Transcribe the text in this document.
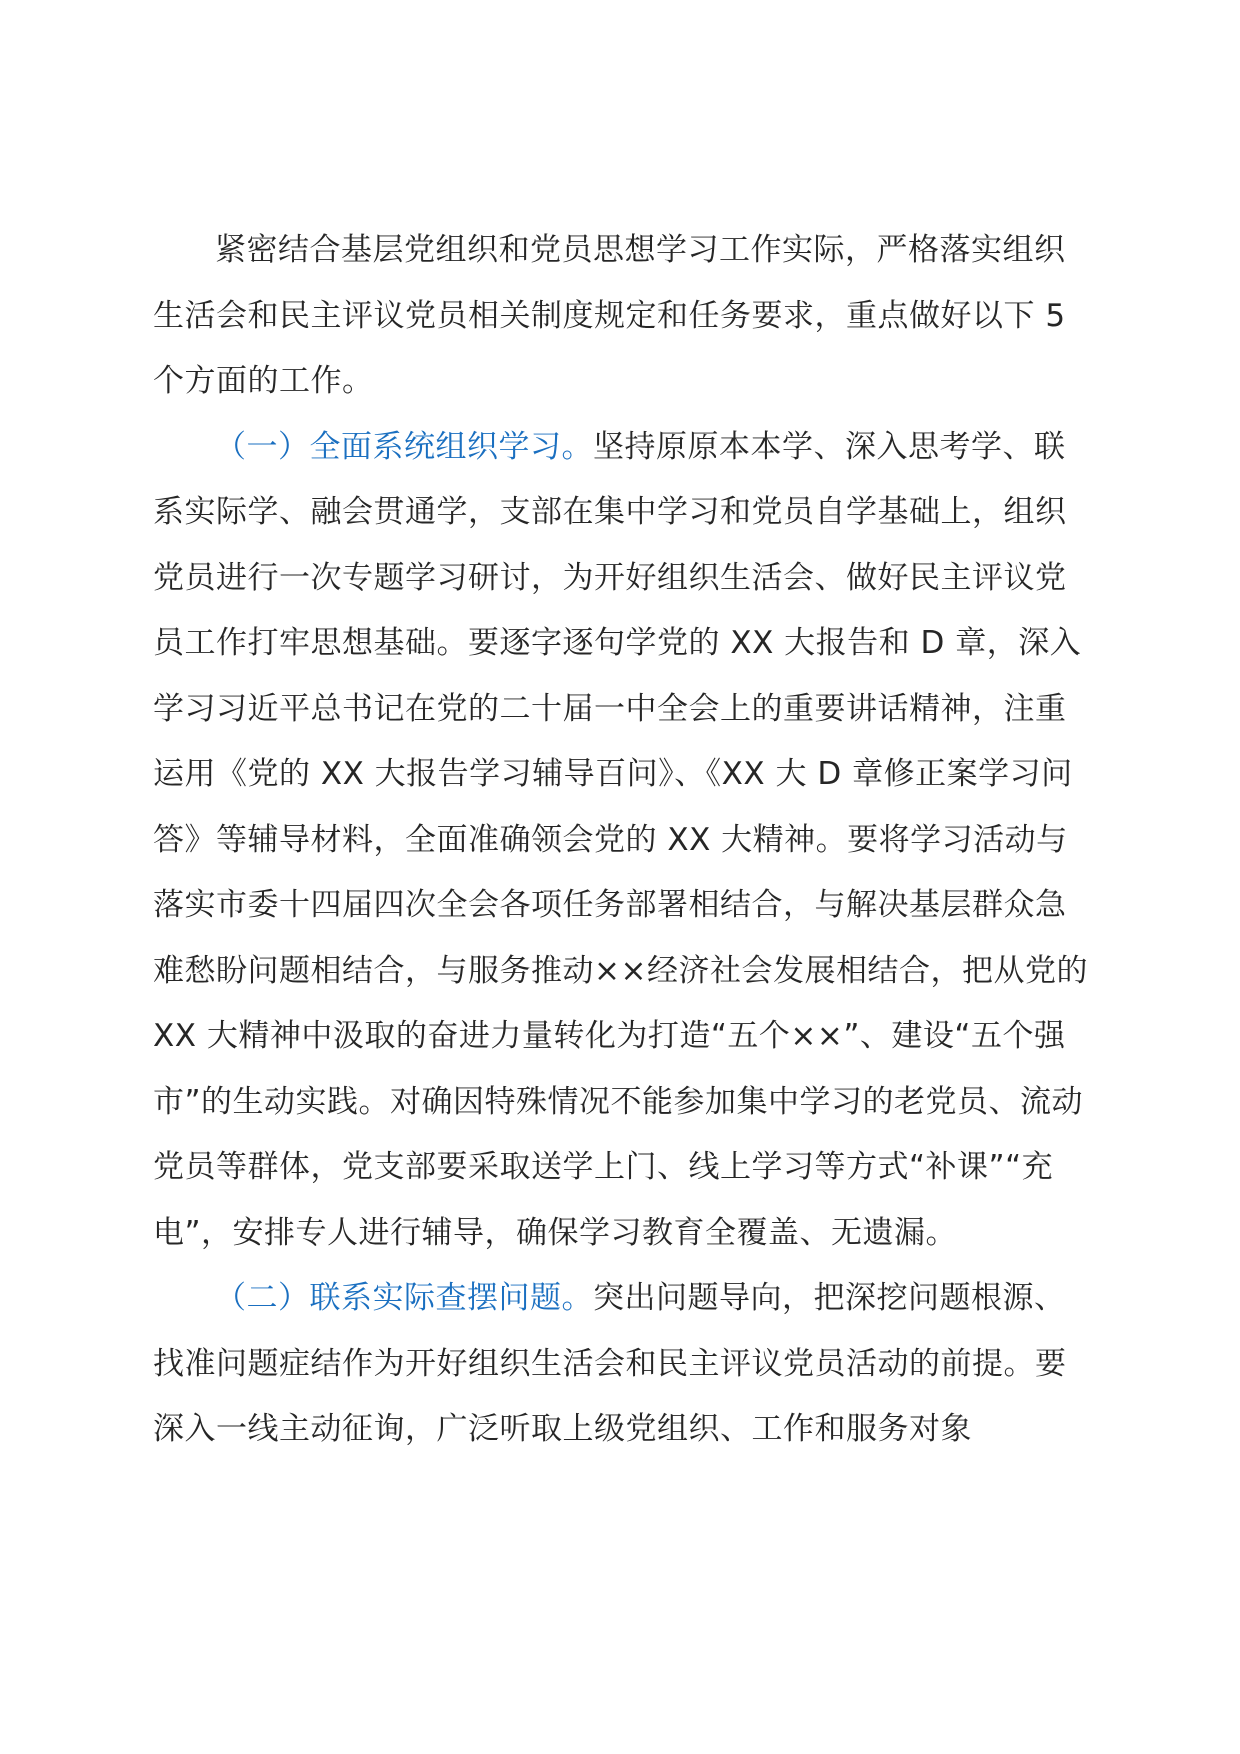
紧密结合基层党组织和党员思想学习工作实际，严格落实组织生活会和民主评议党员相关制度规定和任务要求，重点做好以下 5 个方面的工作。

（一）全面系统组织学习。坚持原原本本学、深入思考学、联系实际学、融会贯通学，支部在集中学习和党员自学基础上，组织党员进行一次专题学习研讨，为开好组织生活会、做好民主评议党员工作打牢思想基础。要逐字逐句学党的 XX 大报告和 D 章，深入学习习近平总书记在党的二十届一中全会上的重要讲话精神，注重运用《党的 XX 大报告学习辅导百问》、《XX 大 D 章修正案学习问答》等辅导材料，全面准确领会党的 XX 大精神。要将学习活动与落实市委十四届四次全会各项任务部署相结合，与解决基层群众急难愁盼问题相结合，与服务推动××经济社会发展相结合，把从党的 XX 大精神中汲取的奋进力量转化为打造“五个××”、建设“五个强市”的生动实践。对确因特殊情况不能参加集中学习的老党员、流动党员等群体，党支部要采取送学上门、线上学习等方式“补课”“充电”，安排专人进行辅导，确保学习教育全覆盖、无遗漏。

（二）联系实际查摆问题。突出问题导向，把深挖问题根源、找准问题症结作为开好组织生活会和民主评议党员活动的前提。要深入一线主动征询，广泛听取上级党组织、工作和服务对象
